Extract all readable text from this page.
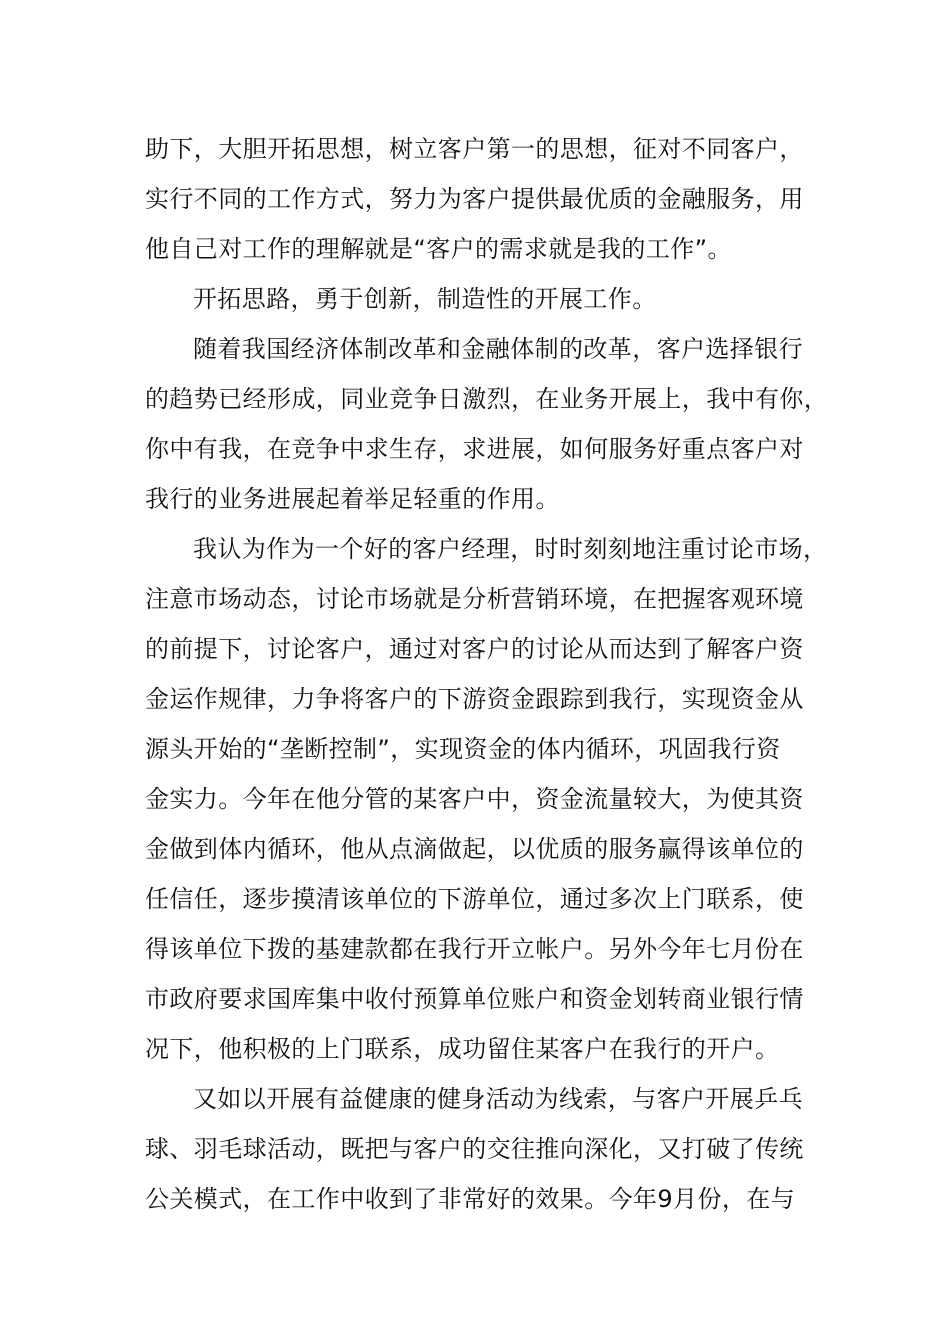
助下，大胆开拓思想，树立客户第一的思想，征对不同客户，
实行不同的工作方式，努力为客户提供最优质的金融服务，用
他自己对工作的理解就是“客户的需求就是我的工作”。
开拓思路，勇于创新，制造性的开展工作。
随着我国经济体制改革和金融体制的改革，客户选择银行
的趋势已经形成，同业竞争日激烈，在业务开展上，我中有你，
你中有我，在竞争中求生存，求进展，如何服务好重点客户对
我行的业务进展起着举足轻重的作用。
我认为作为一个好的客户经理，时时刻刻地注重讨论市场，
注意市场动态，讨论市场就是分析营销环境，在把握客观环境
的前提下，讨论客户，通过对客户的讨论从而达到了解客户资
金运作规律，力争将客户的下游资金跟踪到我行，实现资金从
源头开始的“垄断控制”，实现资金的体内循环，巩固我行资
金实力。今年在他分管的某客户中，资金流量较大，为使其资
金做到体内循环，他从点滴做起，以优质的服务赢得该单位的
任信任，逐步摸清该单位的下游单位，通过多次上门联系，使
得该单位下拨的基建款都在我行开立帐户。另外今年七月份在
市政府要求国库集中收付预算单位账户和资金划转商业银行情
况下，他积极的上门联系，成功留住某客户在我行的开户。
又如以开展有益健康的健身活动为线索，与客户开展乒乓
球、羽毛球活动，既把与客户的交往推向深化，又打破了传统
公关模式，在工作中收到了非常好的效果。今年9月份，在与
